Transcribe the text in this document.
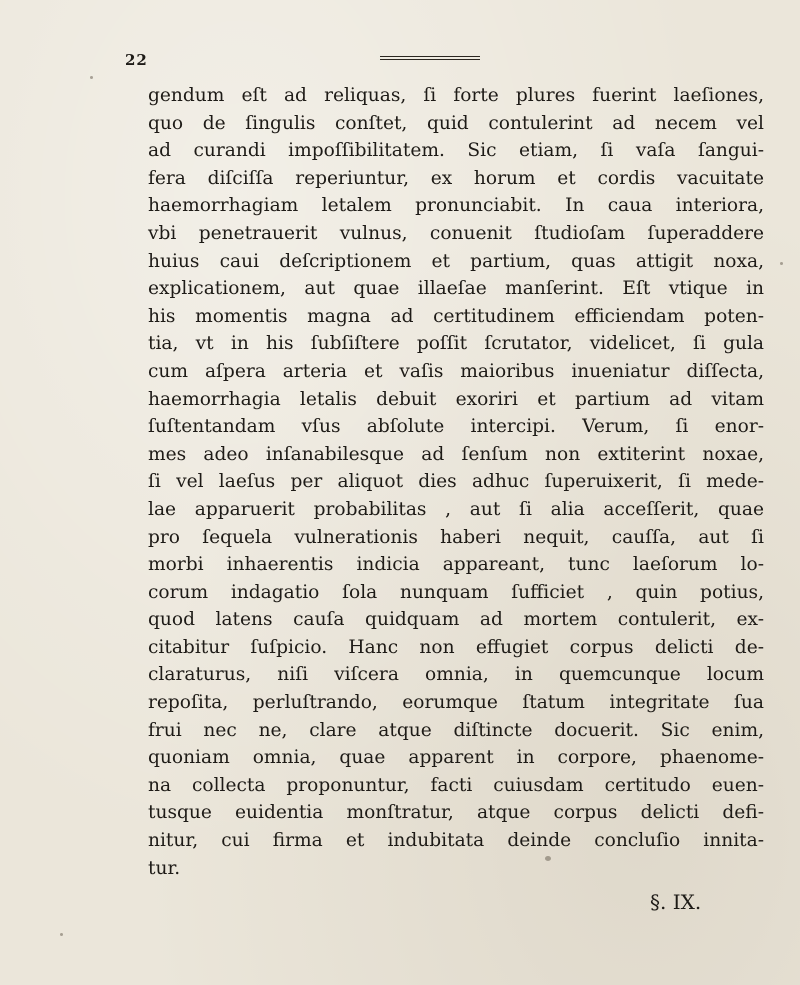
22

gendum eſt ad reliquas, ſi forte plures fuerint laeſiones,
quo de ſingulis conſtet, quid contulerint ad necem vel
ad curandi impoſſibilitatem. Sic etiam, ſi vaſa ſangui-
fera diſciſſa reperiuntur, ex horum et cordis vacuitate
haemorrhagiam letalem pronunciabit. In caua interiora,
vbi penetrauerit vulnus, conuenit ſtudioſam ſuperaddere
huius caui deſcriptionem et partium, quas attigit noxa,
explicationem, aut quae illaeſae manſerint. Eſt vtique in
his momentis magna ad certitudinem efficiendam poten-
tia, vt in his ſubſiſtere poſſit ſcrutator, videlicet, ſi gula
cum aſpera arteria et vaſis maioribus inueniatur diſſecta,
haemorrhagia letalis debuit exoriri et partium ad vitam
ſuſtentandam vſus abſolute intercipi. Verum, ſi enor-
mes adeo inſanabilesque ad ſenſum non extiterint noxae,
ſi vel laeſus per aliquot dies adhuc ſuperuixerit, ſi mede-
lae apparuerit probabilitas , aut ſi alia acceſſerit, quae
pro ſequela vulnerationis haberi nequit, cauſſa, aut ſi
morbi inhaerentis indicia appareant, tunc laeſorum lo-
corum indagatio ſola nunquam ſufficiet , quin potius,
quod latens cauſa quidquam ad mortem contulerit, ex-
citabitur ſuſpicio. Hanc non effugiet corpus delicti de-
claraturus, niſi viſcera omnia, in quemcunque locum
repoſita, perluſtrando, eorumque ſtatum integritate ſua
frui nec ne, clare atque diſtincte docuerit. Sic enim,
quoniam omnia, quae apparent in corpore, phaenome-
na collecta proponuntur, facti cuiusdam certitudo euen-
tusque euidentia monſtratur, atque corpus delicti defi-
nitur, cui firma et indubitata deinde concluſio innita-
tur.

§. IX.
